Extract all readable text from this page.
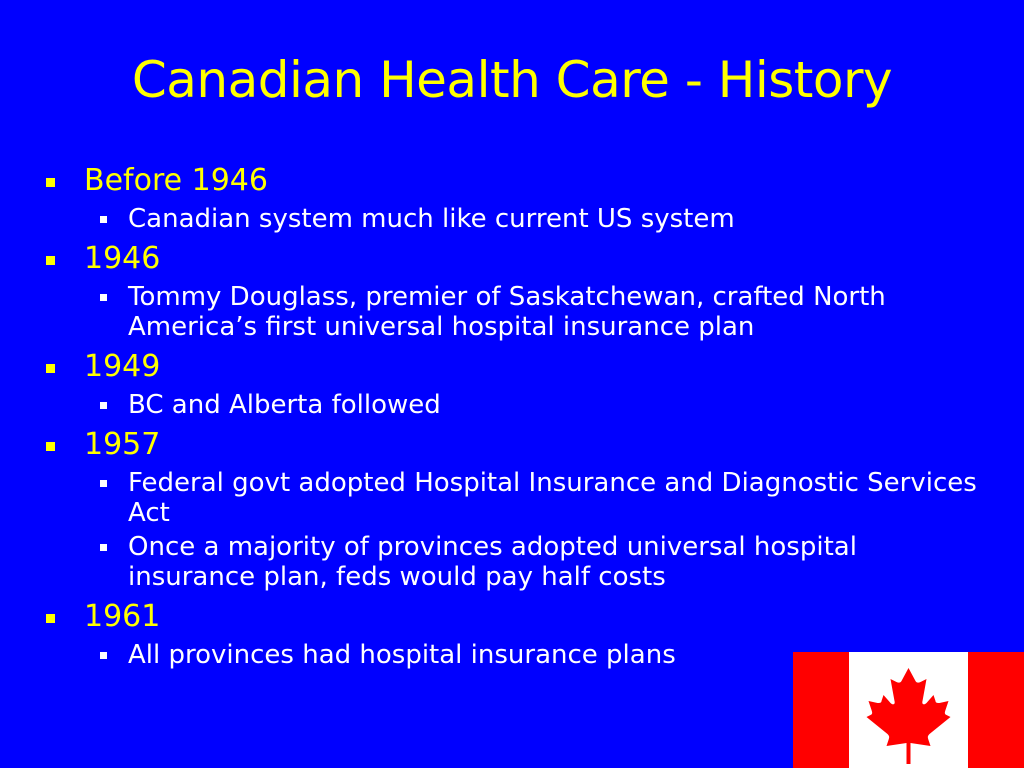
Canadian Health Care - History
Before 1946
Canadian system much like current US system
1946
Tommy Douglass, premier of Saskatchewan, crafted North America’s first universal hospital insurance plan
1949
BC and Alberta followed
1957
Federal govt adopted Hospital Insurance and Diagnostic Services Act
Once a majority of provinces adopted universal hospital insurance plan, feds would pay half costs
1961
All provinces had hospital insurance plans
